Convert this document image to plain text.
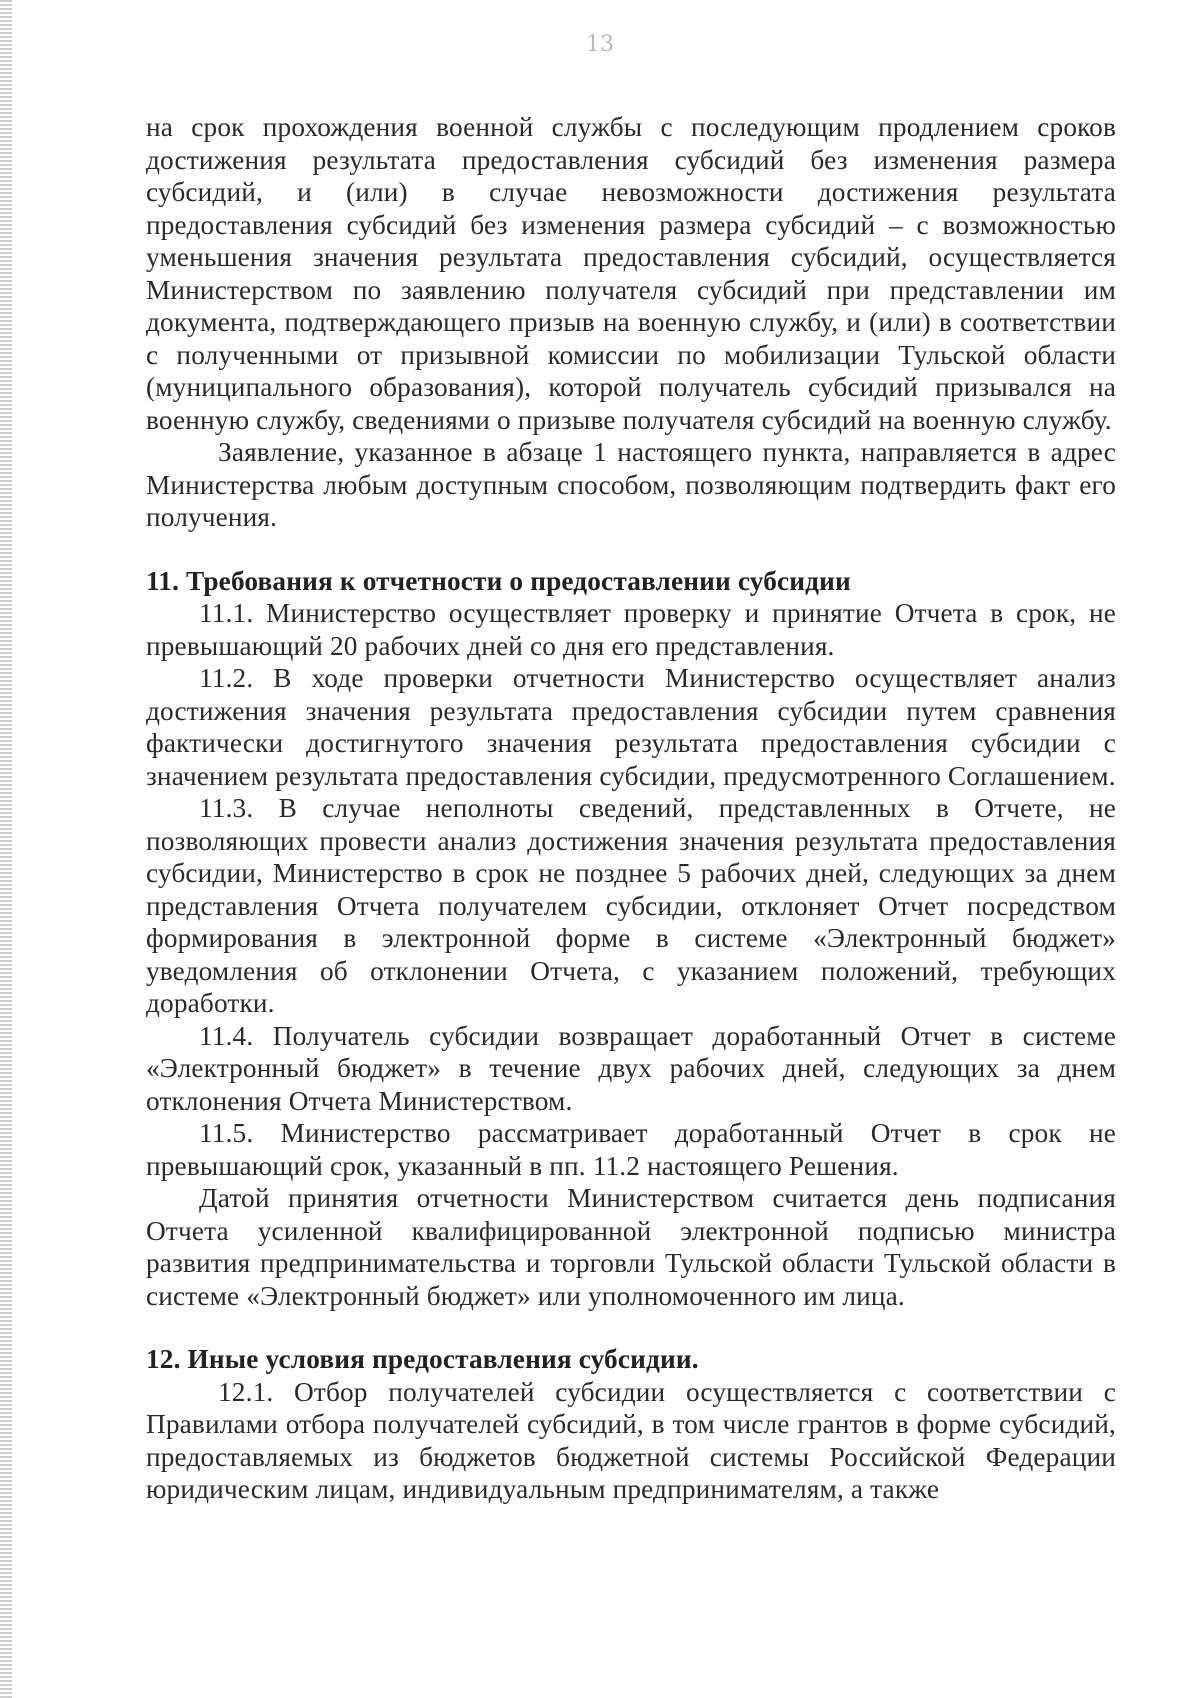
13

на срок прохождения военной службы с последующим продлением сроков достижения результата предоставления субсидий без изменения размера субсидий, и (или) в случае невозможности достижения результата предоставления субсидий без изменения размера субсидий – с возможностью уменьшения значения результата предоставления субсидий, осуществляется Министерством по заявлению получателя субсидий при представлении им документа, подтверждающего призыв на военную службу, и (или) в соответствии с полученными от призывной комиссии по мобилизации Тульской области (муниципального образования), которой получатель субсидий призывался на военную службу, сведениями о призыве получателя субсидий на военную службу.

Заявление, указанное в абзаце 1 настоящего пункта, направляется в адрес Министерства любым доступным способом, позволяющим подтвердить факт его получения.

11. Требования к отчетности о предоставлении субсидии

11.1. Министерство осуществляет проверку и принятие Отчета в срок, не превышающий 20 рабочих дней со дня его представления.

11.2. В ходе проверки отчетности Министерство осуществляет анализ достижения значения результата предоставления субсидии путем сравнения фактически достигнутого значения результата предоставления субсидии с значением результата предоставления субсидии, предусмотренного Соглашением.

11.3. В случае неполноты сведений, представленных в Отчете, не позволяющих провести анализ достижения значения результата предоставления субсидии, Министерство в срок не позднее 5 рабочих дней, следующих за днем представления Отчета получателем субсидии, отклоняет Отчет посредством формирования в электронной форме в системе «Электронный бюджет» уведомления об отклонении Отчета, с указанием положений, требующих доработки.

11.4. Получатель субсидии возвращает доработанный Отчет в системе «Электронный бюджет» в течение двух рабочих дней, следующих за днем отклонения Отчета Министерством.

11.5. Министерство рассматривает доработанный Отчет в срок не превышающий срок, указанный в пп. 11.2 настоящего Решения.

Датой принятия отчетности Министерством считается день подписания Отчета усиленной квалифицированной электронной подписью министра развития предпринимательства и торговли Тульской области Тульской области в системе «Электронный бюджет» или уполномоченного им лица.

12. Иные условия предоставления субсидии.

12.1. Отбор получателей субсидии осуществляется с соответствии с Правилами отбора получателей субсидий, в том числе грантов в форме субсидий, предоставляемых из бюджетов бюджетной системы Российской Федерации юридическим лицам, индивидуальным предпринимателям, а также
